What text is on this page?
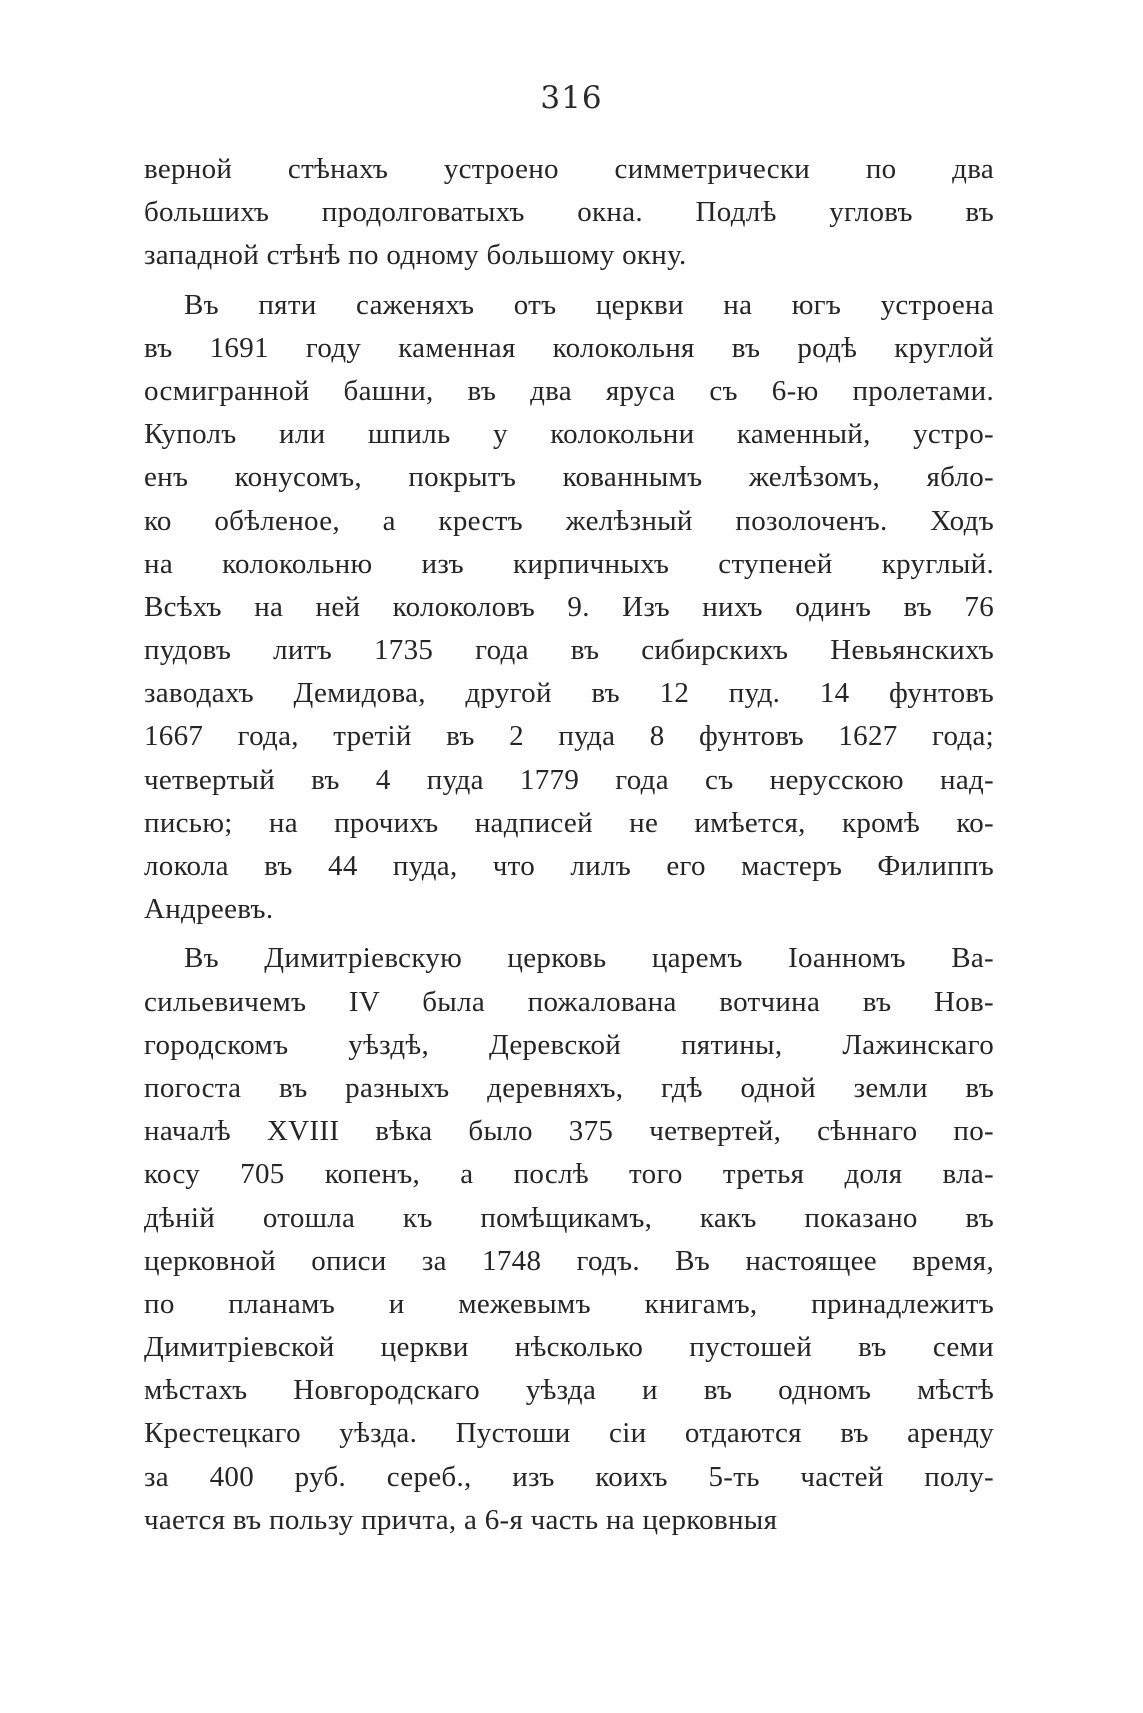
316
верной стѣнахъ устроено симметрически по два
большихъ продолговатыхъ окна. Подлѣ угловъ въ
западной стѣнѣ по одному большому окну.
Въ пяти саженяхъ отъ церкви на югъ устроена
въ 1691 году каменная колокольня въ родѣ круглой
осмигранной башни, въ два яруса съ 6-ю пролетами.
Куполъ или шпиль у колокольни каменный, устро-
енъ конусомъ, покрытъ кованнымъ желѣзомъ, ябло-
ко обѣленое, а крестъ желѣзный позолоченъ. Ходъ
на колокольню изъ кирпичныхъ ступеней круглый.
Всѣхъ на ней колоколовъ 9. Изъ нихъ одинъ въ 76
пудовъ литъ 1735 года въ сибирскихъ Невьянскихъ
заводахъ Демидова, другой въ 12 пуд. 14 фунтовъ
1667 года, третій въ 2 пуда 8 фунтовъ 1627 года;
четвертый въ 4 пуда 1779 года съ нерусскою над-
писью; на прочихъ надписей не имѣется, кромѣ ко-
локола въ 44 пуда, что лилъ его мастеръ Филиппъ
Андреевъ.
Въ Димитріевскую церковь царемъ Іоанномъ Ва-
сильевичемъ IV была пожалована вотчина въ Нов-
городскомъ уѣздѣ, Деревской пятины, Лажинскаго
погоста въ разныхъ деревняхъ, гдѣ одной земли въ
началѣ XVIII вѣка было 375 четвертей, сѣннаго по-
косу 705 копенъ, а послѣ того третья доля вла-
дѣній отошла къ помѣщикамъ, какъ показано въ
церковной описи за 1748 годъ. Въ настоящее время,
по планамъ и межевымъ книгамъ, принадлежитъ
Димитріевской церкви нѣсколько пустошей въ семи
мѣстахъ Новгородскаго уѣзда и въ одномъ мѣстѣ
Крестецкаго уѣзда. Пустоши сіи отдаются въ аренду
за 400 руб. сереб., изъ коихъ 5-ть частей полу-
чается въ пользу причта, а 6-я часть на церковныя
